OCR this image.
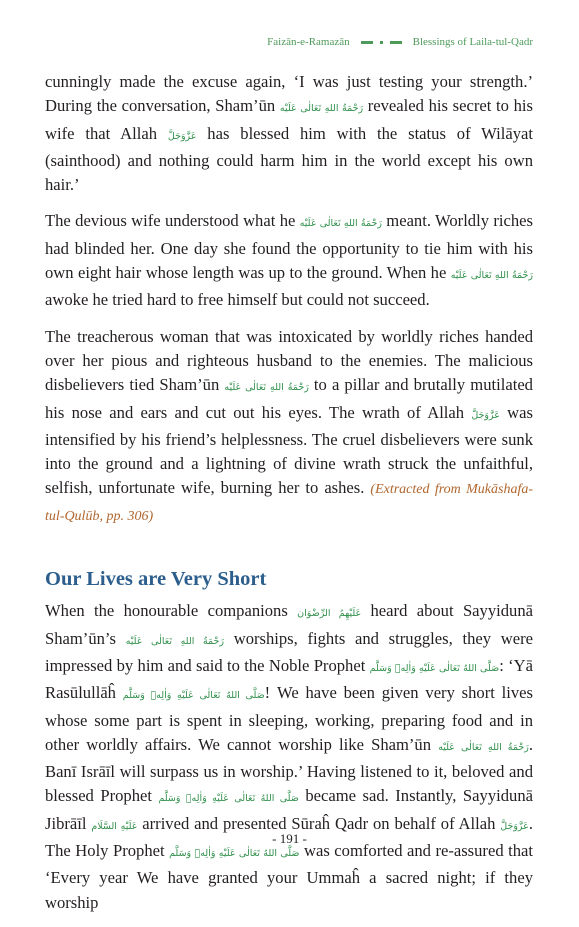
Faizān-e-Ramazān	Blessings of Laila-tul-Qadr

cunningly made the excuse again, ‘I was just testing your strength.’ During the conversation, Sham’ūn رَحْمَةُ اللهِ تَعَالٰى عَلَيْه revealed his secret to his wife that Allah عَزَّوَجَلَّ has blessed him with the status of Wilāyat (sainthood) and nothing could harm him in the world except his own hair.’

The devious wife understood what he رَحْمَةُ اللهِ تَعَالٰى عَلَيْه meant. Worldly riches had blinded her. One day she found the opportunity to tie him with his own eight hair whose length was up to the ground. When he رَحْمَةُ اللهِ تَعَالٰى عَلَيْه awoke he tried hard to free himself but could not succeed.

The treacherous woman that was intoxicated by worldly riches handed over her pious and righteous husband to the enemies. The malicious disbelievers tied Sham’ūn رَحْمَةُ اللهِ تَعَالٰى عَلَيْه to a pillar and brutally mutilated his nose and ears and cut out his eyes. The wrath of Allah عَزَّوَجَلَّ was intensified by his friend’s helplessness. The cruel disbelievers were sunk into the ground and a lightning of divine wrath struck the unfaithful, selfish, unfortunate wife, burning her to ashes. (Extracted from Mukāshafa-tul-Qulūb, pp. 306)

Our Lives are Very Short

When the honourable companions عَلَيْهِمُ الرِّضْوَان heard about Sayyidunā Sham’ūn’s رَحْمَةُ اللهِ تَعَالٰى عَلَيْه worships, fights and struggles, they were impressed by him and said to the Noble Prophet صَلَّى اللهُ تَعَالٰى عَلَيْهِ وَاٰلِهٖ وَسَلَّم: ‘Yā Rasūlullāĥ صَلَّى اللهُ تَعَالٰى عَلَيْهِ وَاٰلِهٖ وَسَلَّم! We have been given very short lives whose some part is spent in sleeping, working, preparing food and in other worldly affairs. We cannot worship like Sham’ūn رَحْمَةُ اللهِ تَعَالٰى عَلَيْه. Banī Isrāīl will surpass us in worship.’ Having listened to it, beloved and blessed Prophet صَلَّى اللهُ تَعَالٰى عَلَيْهِ وَاٰلِهٖ وَسَلَّم became sad. Instantly, Sayyidunā Jibrāīl عَلَيْهِ السَّلَام arrived and presented Sūraĥ Qadr on behalf of Allah عَزَّوَجَلَّ. The Holy Prophet صَلَّى اللهُ تَعَالٰى عَلَيْهِ وَاٰلِهٖ وَسَلَّم was comforted and re-assured that ‘Every year We have granted your Ummaĥ a sacred night; if they worship

- 191 -
